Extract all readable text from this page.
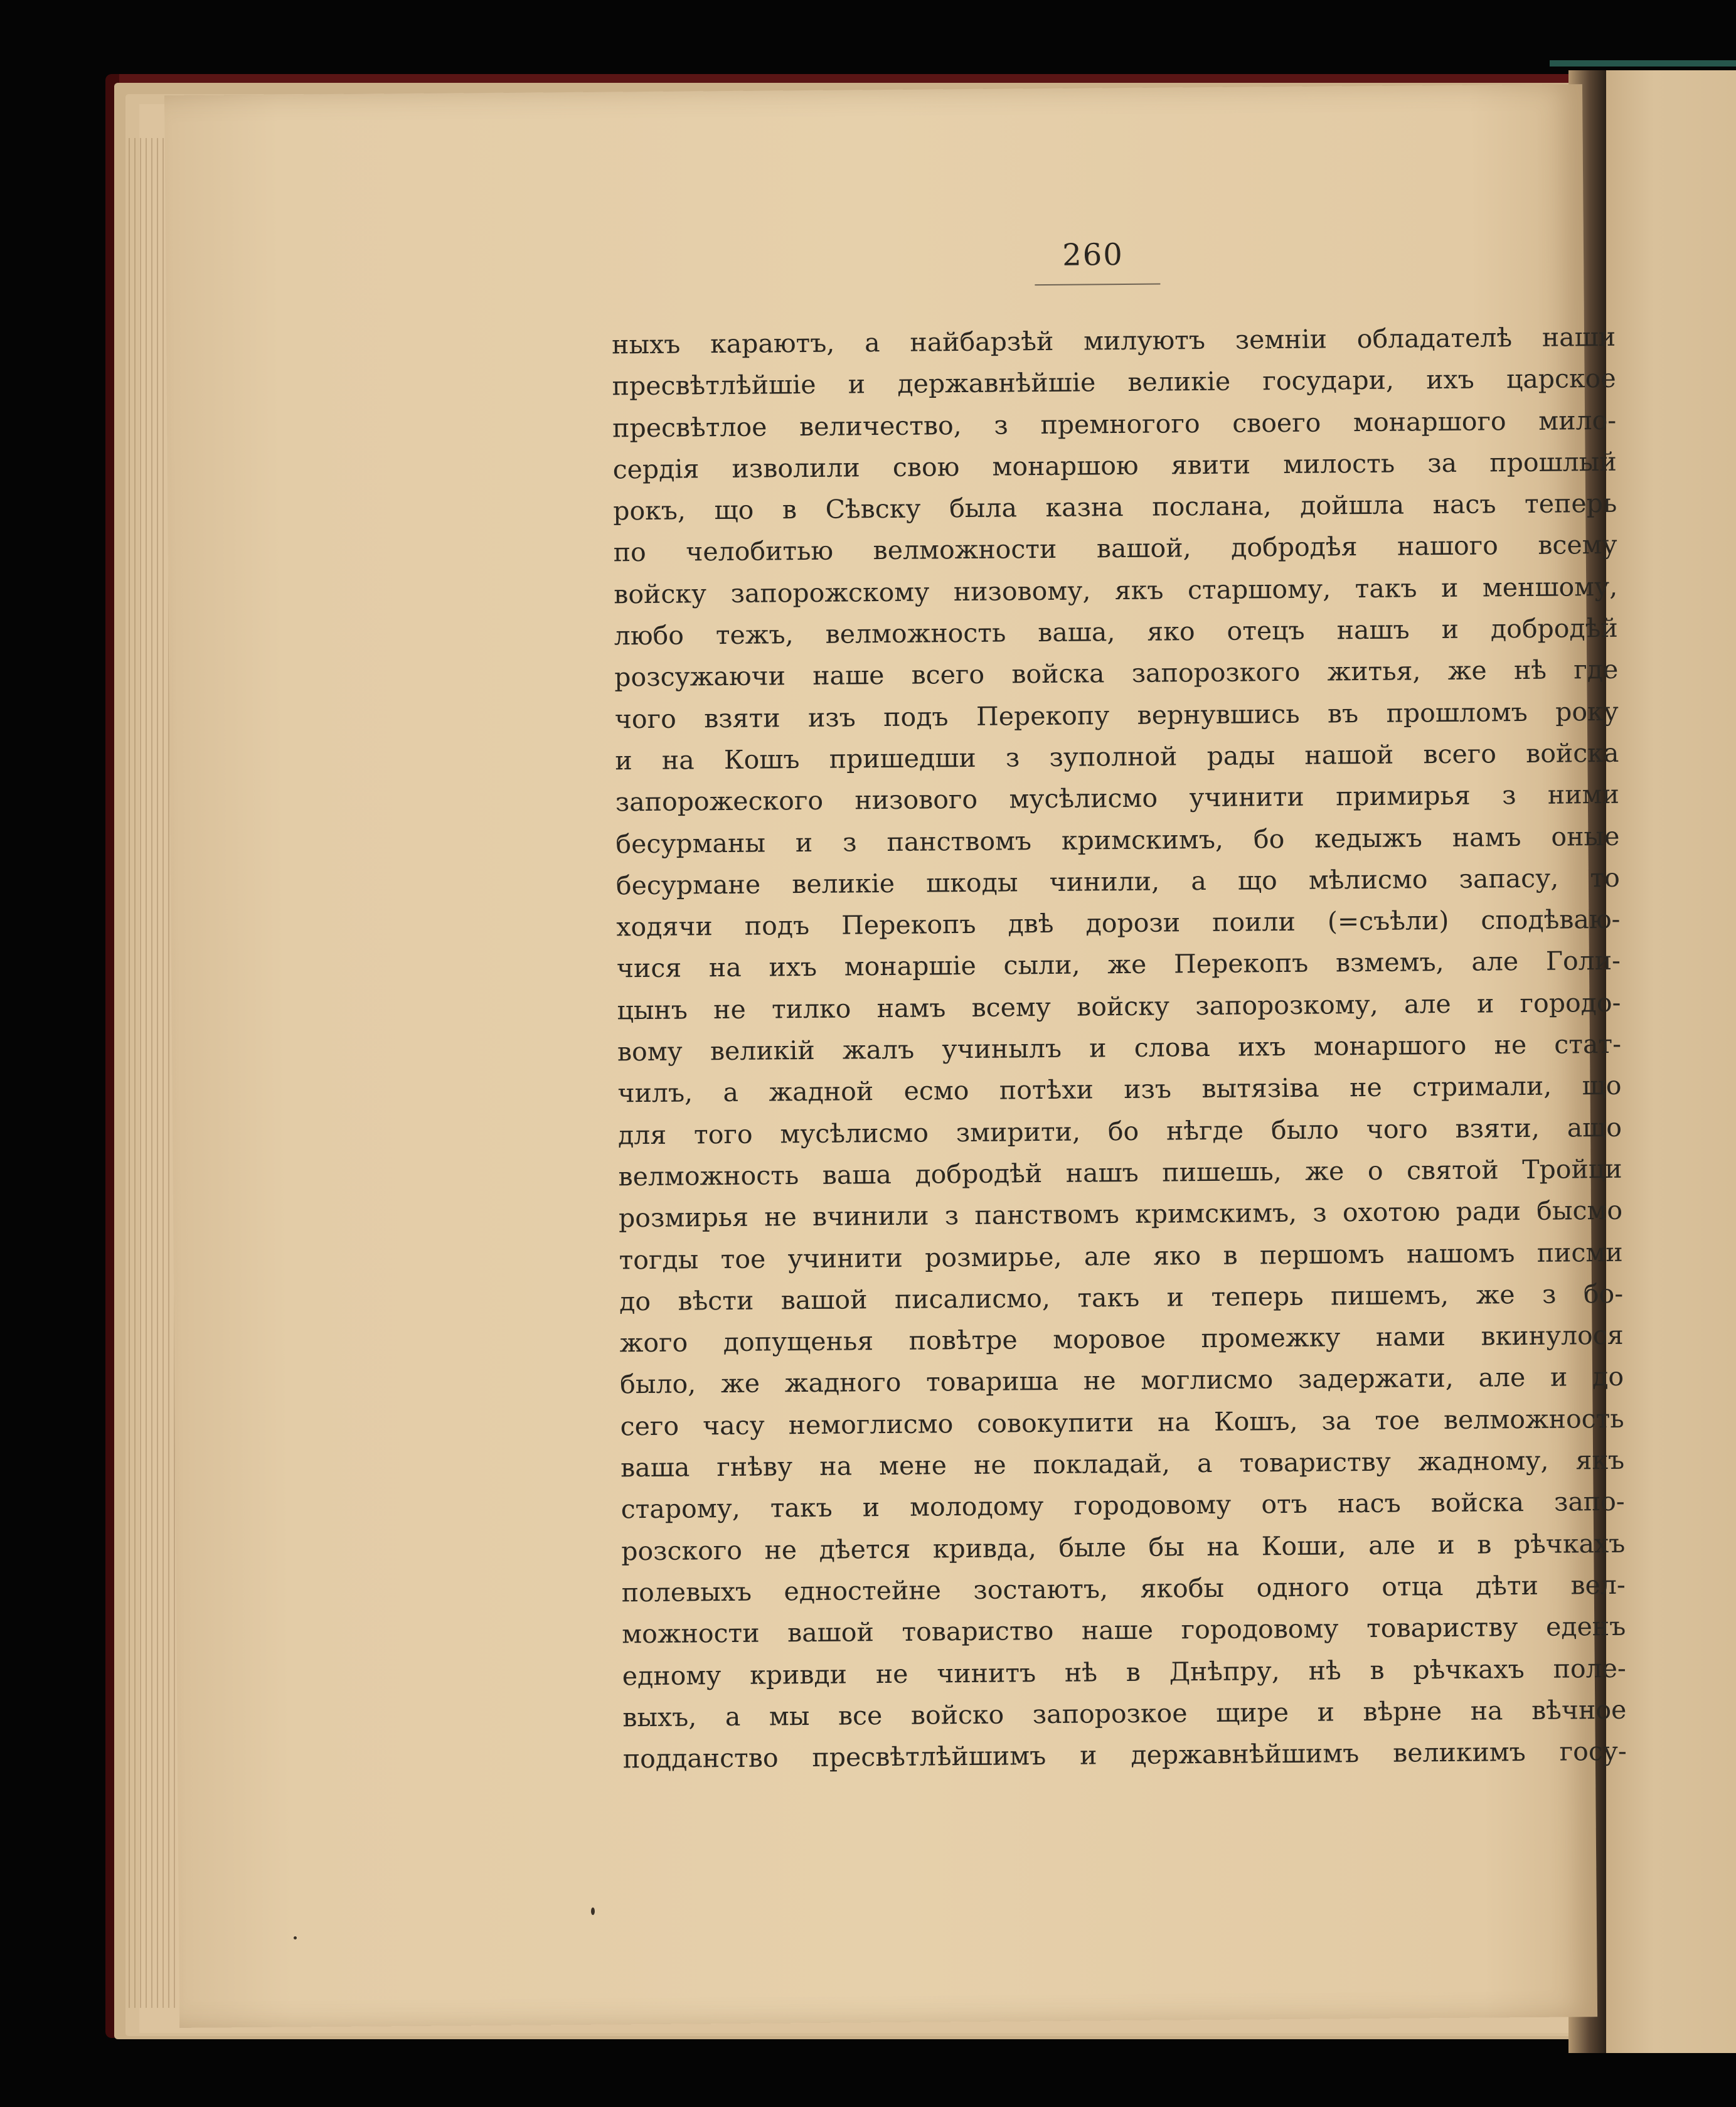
260
ныхъ караютъ, а найбарзѣй милуютъ земніи обладателѣ наши
пресвѣтлѣйшіе и державнѣйшіе великіе государи, ихъ царское
пресвѣтлое величество, з премногого своего монаршого мило-
сердія изволили свою монаршою явити милость за прошлый
рокъ, що в Сѣвску была казна послана, дойшла насъ теперь
по челобитью велможности вашой, добродѣя нашого всему
войску запорожскому низовому, якъ старшому, такъ и меншому,
любо тежъ, велможность ваша, яко отецъ нашъ и добродѣй
розсужаючи наше всего войска запорозкого житья, же нѣ где
чого взяти изъ подъ Перекопу вернувшись въ прошломъ року
и на Кошъ пришедши з зуполной рады нашой всего войска
запорожеского низового мусѣлисмо учинити примирья з ними
бесурманы и з панствомъ кримскимъ, бо кедыжъ намъ оные
бесурмане великіе шкоды чинили, а що мѣлисмо запасу, то
ходячи подъ Перекопъ двѣ дорози поили (=съѣли) сподѣваю-
чися на ихъ монаршіе сыли, же Перекопъ взмемъ, але Голи-
цынъ не тилко намъ всему войску запорозкому, але и городо-
вому великій жалъ учинылъ и слова ихъ монаршого не стат-
чилъ, а жадной есмо потѣхи изъ вытязіва не стримали, що
для того мусѣлисмо змирити, бо нѣгде было чого взяти, ащо
велможность ваша добродѣй нашъ пишешь, же о святой Тройци
розмирья не вчинили з панствомъ кримскимъ, з охотою ради бысмо
тогды тое учинити розмирье, але яко в першомъ нашомъ писми
до вѣсти вашой писалисмо, такъ и теперь пишемъ, же з бо-
жого допущенья повѣтре моровое промежку нами вкинулося
было, же жадного товариша не моглисмо задержати, але и до
сего часу немоглисмо совокупити на Кошъ, за тое велможность
ваша гнѣву на мене не покладай, а товариству жадному, якъ
старому, такъ и молодому городовому отъ насъ войска запо-
розского не дѣется кривда, быле бы на Коши, але и в рѣчкахъ
полевыхъ едностейне зостаютъ, якобы одного отца дѣти вел-
можности вашой товариство наше городовому товариству еденъ
едному кривди не чинитъ нѣ в Днѣпру, нѣ в рѣчкахъ поле-
выхъ, а мы все войско запорозкое щире и вѣрне на вѣчное
подданство пресвѣтлѣйшимъ и державнѣйшимъ великимъ госу-
